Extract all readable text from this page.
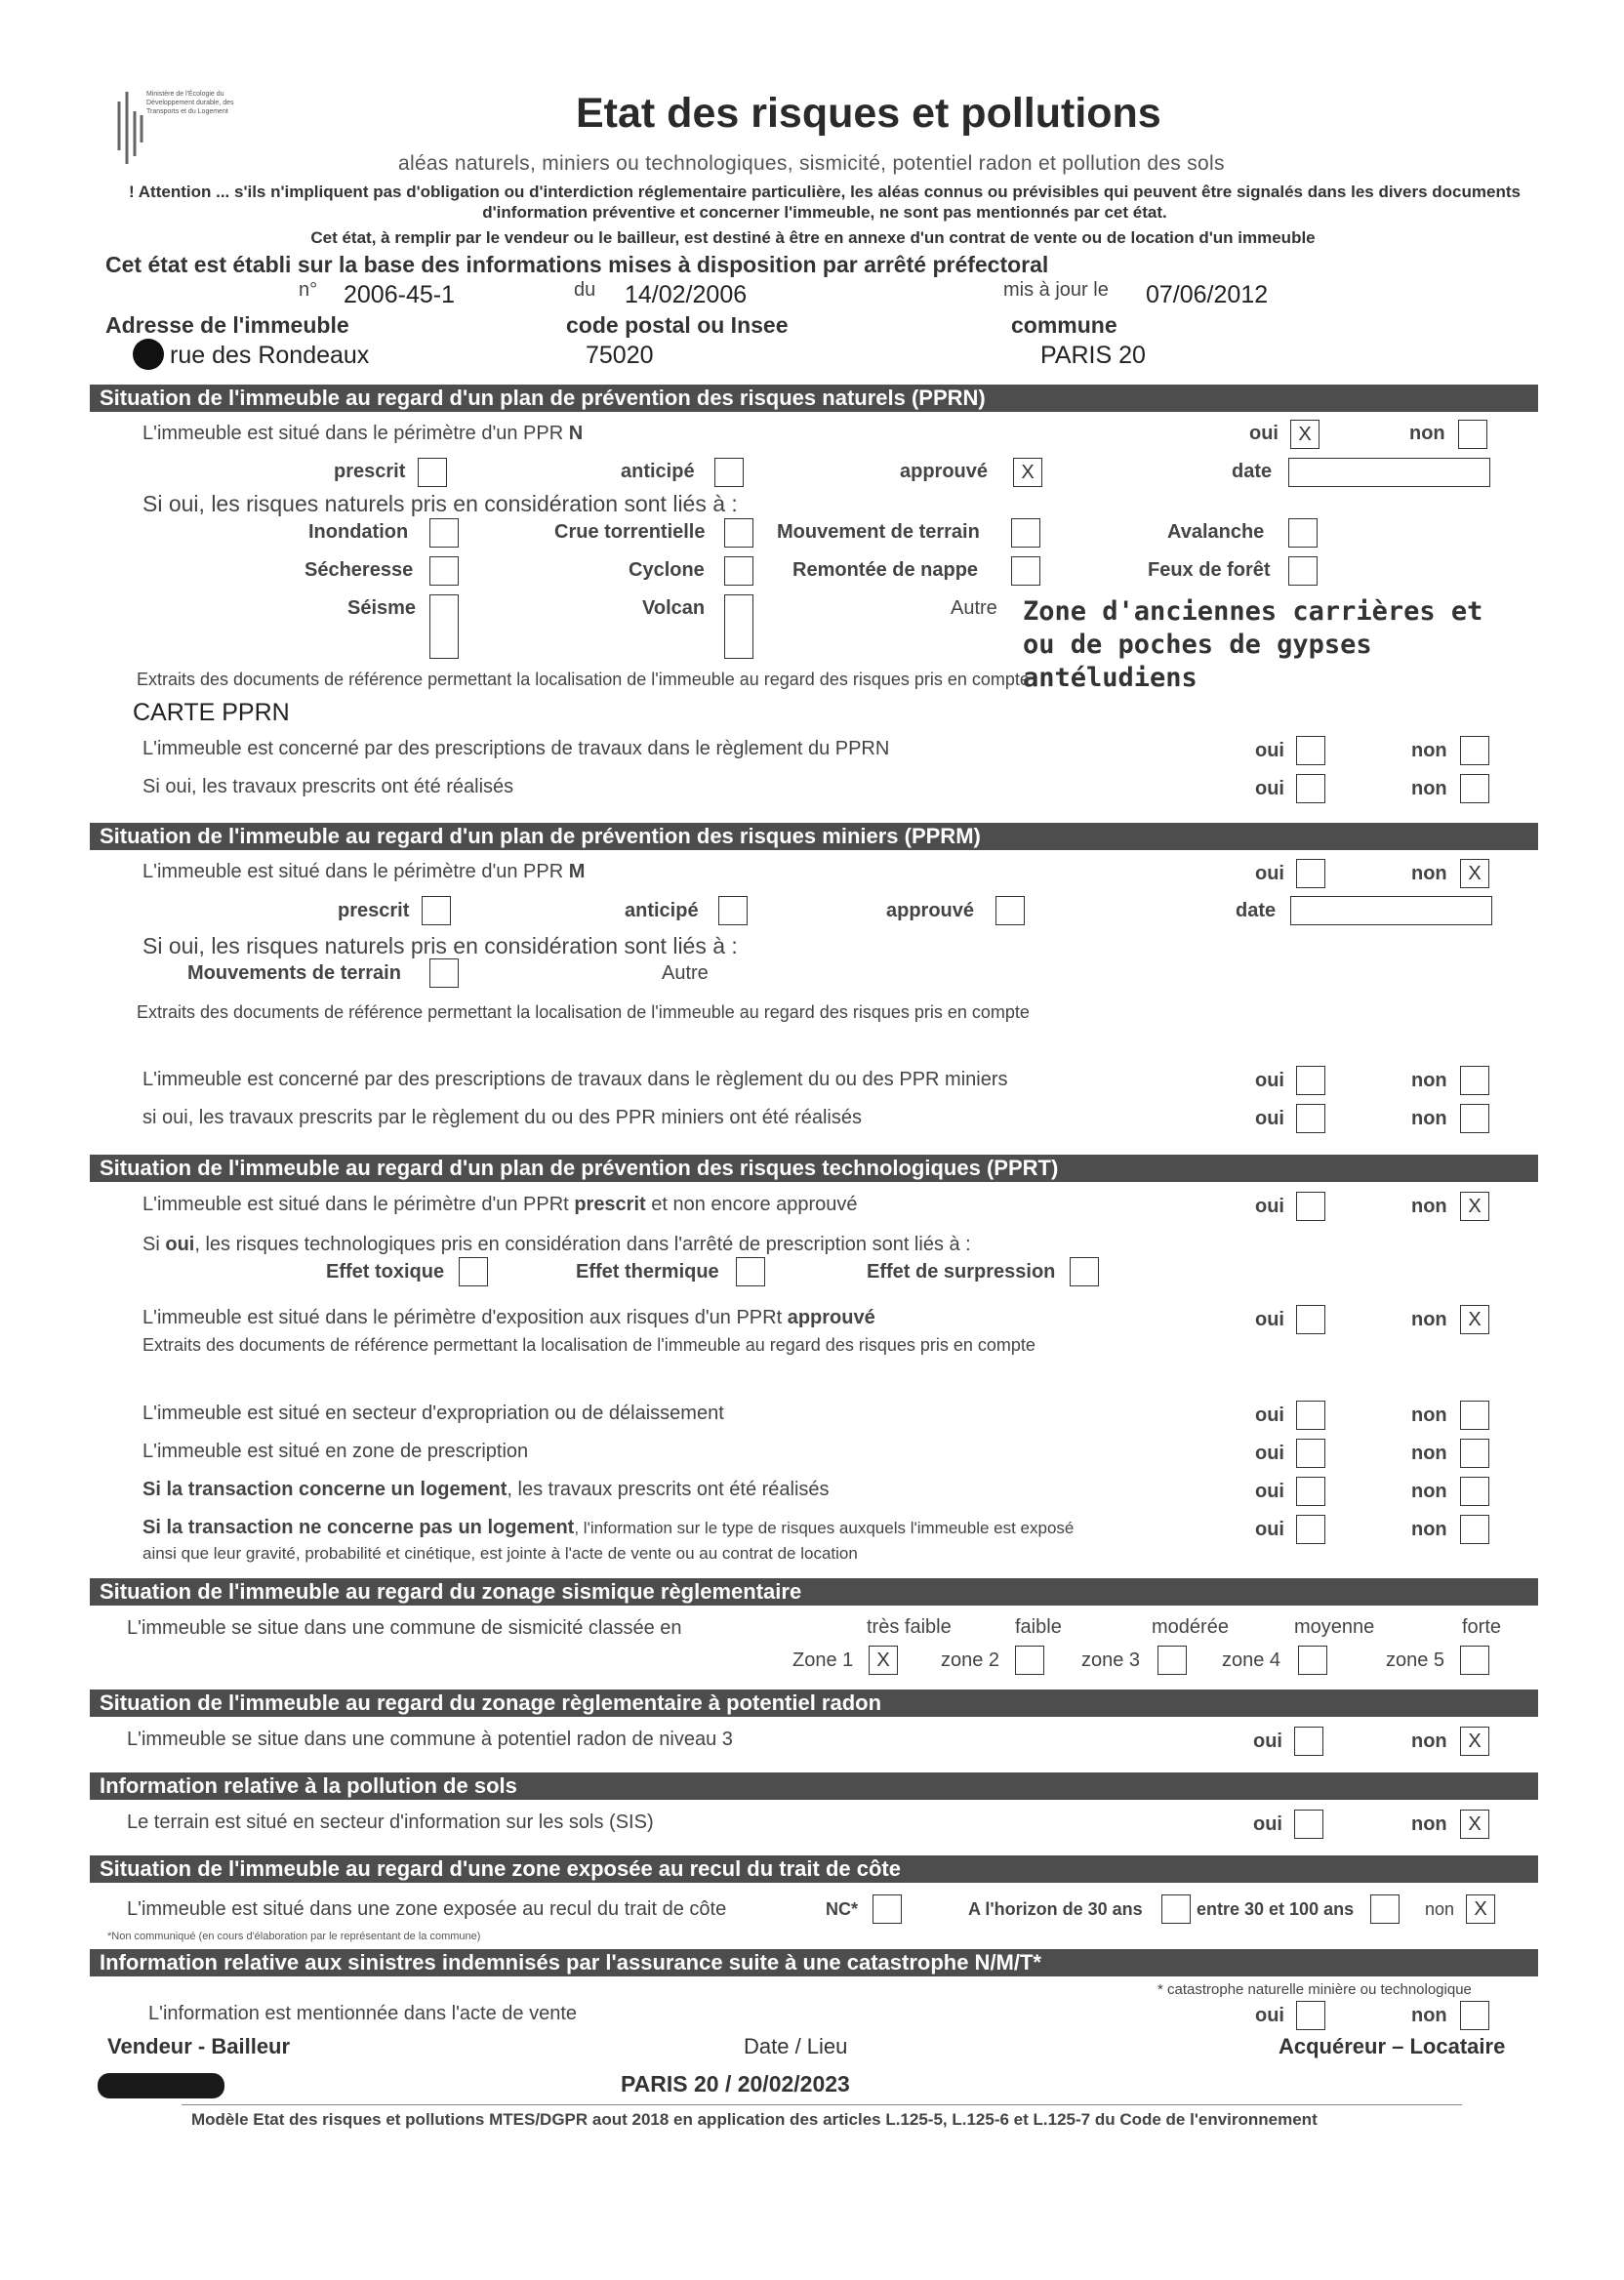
Ministère de l'Écologie du Développement durable, des Transports et du Logement	Etat des risques et pollutions
aléas naturels, miniers ou technologiques, sismicité, potentiel radon et pollution des sols
! Attention ... s'ils n'impliquent pas d'obligation ou d'interdiction réglementaire particulière, les aléas connus ou prévisibles qui peuvent être signalés dans les divers documents d'information préventive et concerner l'immeuble, ne sont pas mentionnés par cet état.
Cet état, à remplir par le vendeur ou le bailleur, est destiné à être en annexe d'un contrat de vente ou de location d'un immeuble
Cet état est établi sur la base des informations mises à disposition par arrêté préfectoral
n° 2006-45-1	du 14/02/2006	mis à jour le 07/06/2012
Adresse de l'immeuble	code postal ou Insee	commune
rue des Rondeaux	75020	PARIS 20
Situation de l'immeuble au regard d'un plan de prévention des risques naturels (PPRN)
L'immeuble est situé dans le périmètre d'un PPR N	oui	X	non
prescrit	anticipé	approuvé	X	date
Si oui, les risques naturels pris en considération sont liés à :
Inondation	Crue torrentielle	Mouvement de terrain	Avalanche
Sécheresse	Cyclone	Remontée de nappe	Feux de forêt
Séisme	Volcan	Autre Zone d'anciennes carrières et ou de poches de gypses antéludiens
Extraits des documents de référence permettant la localisation de l'immeuble au regard des risques pris en compte
CARTE PPRN
L'immeuble est concerné par des prescriptions de travaux dans le règlement du PPRN	oui	non
Si oui, les travaux prescrits ont été réalisés	oui	non
Situation de l'immeuble au regard d'un plan de prévention des risques miniers (PPRM)
L'immeuble est situé dans le périmètre d'un PPR M	oui	non	X
prescrit	anticipé	approuvé	date
Si oui, les risques naturels pris en considération sont liés à :
Mouvements de terrain	Autre
Extraits des documents de référence permettant la localisation de l'immeuble au regard des risques pris en compte
L'immeuble est concerné par des prescriptions de travaux dans le règlement du ou des PPR miniers	oui	non
si oui, les travaux prescrits par le règlement du ou des PPR miniers ont été réalisés	oui	non
Situation de l'immeuble au regard d'un plan de prévention des risques technologiques (PPRT)
L'immeuble est situé dans le périmètre d'un PPRt prescrit et non encore approuvé	oui	non	X
Si oui, les risques technologiques pris en considération dans l'arrêté de prescription sont liés à :
Effet toxique	Effet thermique	Effet de surpression
L'immeuble est situé dans le périmètre d'exposition aux risques d'un PPRt approuvé	oui	non	X
Extraits des documents de référence permettant la localisation de l'immeuble au regard des risques pris en compte
L'immeuble est situé en secteur d'expropriation ou de délaissement	oui	non
L'immeuble est situé en zone de prescription	oui	non
Si la transaction concerne un logement, les travaux prescrits ont été réalisés	oui	non
Si la transaction ne concerne pas un logement, l'information sur le type de risques auxquels l'immeuble est exposé
ainsi que leur gravité, probabilité et cinétique, est jointe à l'acte de vente ou au contrat de location
oui	non
Situation de l'immeuble au regard du zonage sismique règlementaire
L'immeuble se situe dans une commune de sismicité classée en	très faible	faible	modérée	moyenne	forte
Zone 1	X	zone 2	zone 3	zone 4	zone 5
Situation de l'immeuble au regard du zonage règlementaire à potentiel radon
L'immeuble se situe dans une commune à potentiel radon de niveau 3	oui	non	X
Information relative à la pollution de sols
Le terrain est situé en secteur d'information sur les sols (SIS)	oui	non	X
Situation de l'immeuble au regard d'une zone exposée au recul du trait de côte
L'immeuble est situé dans une zone exposée au recul du trait de côte	NC*	A l'horizon de 30 ans	entre 30 et 100 ans	non	X
*Non communiqué (en cours d'élaboration par le représentant de la commune)
Information relative aux sinistres indemnisés par l'assurance suite à une catastrophe N/M/T*
* catastrophe naturelle minière ou technologique
L'information est mentionnée dans l'acte de vente	oui	non
Vendeur - Bailleur	Date / Lieu	Acquéreur – Locataire
PARIS 20 / 20/02/2023
Modèle Etat des risques et pollutions MTES/DGPR aout 2018 en application des articles L.125-5, L.125-6 et L.125-7 du Code de l'environnement
